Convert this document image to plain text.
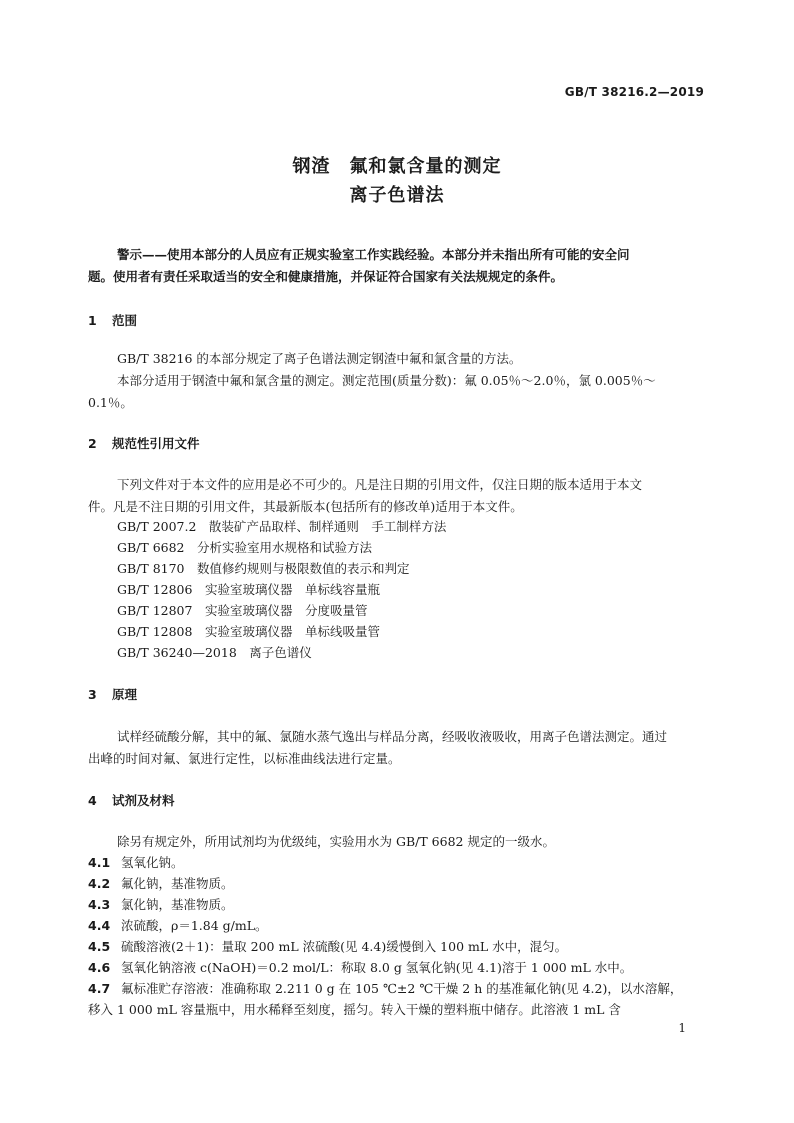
GB/T 38216.2—2019
钢渣　氟和氯含量的测定
离子色谱法
警示——使用本部分的人员应有正规实验室工作实践经验。本部分并未指出所有可能的安全问
题。使用者有责任采取适当的安全和健康措施，并保证符合国家有关法规规定的条件。
1 范围
GB/T 38216 的本部分规定了离子色谱法测定钢渣中氟和氯含量的方法。
本部分适用于钢渣中氟和氯含量的测定。测定范围(质量分数)：氟 0.05％～2.0％，氯 0.005％～
0.1％。
2 规范性引用文件
下列文件对于本文件的应用是必不可少的。凡是注日期的引用文件，仅注日期的版本适用于本文
件。凡是不注日期的引用文件，其最新版本(包括所有的修改单)适用于本文件。
GB/T 2007.2　散装矿产品取样、制样通则　手工制样方法
GB/T 6682　分析实验室用水规格和试验方法
GB/T 8170　数值修约规则与极限数值的表示和判定
GB/T 12806　实验室玻璃仪器　单标线容量瓶
GB/T 12807　实验室玻璃仪器　分度吸量管
GB/T 12808　实验室玻璃仪器　单标线吸量管
GB/T 36240—2018　离子色谱仪
3 原理
试样经硫酸分解，其中的氟、氯随水蒸气逸出与样品分离，经吸收液吸收，用离子色谱法测定。通过
出峰的时间对氟、氯进行定性，以标准曲线法进行定量。
4 试剂及材料
除另有规定外，所用试剂均为优级纯，实验用水为 GB/T 6682 规定的一级水。
4.1 氢氧化钠。
4.2 氟化钠，基准物质。
4.3 氯化钠，基准物质。
4.4 浓硫酸，ρ＝1.84 g/mL。
4.5 硫酸溶液(2＋1)：量取 200 mL 浓硫酸(见 4.4)缓慢倒入 100 mL 水中，混匀。
4.6 氢氧化钠溶液 c(NaOH)＝0.2 mol/L：称取 8.0 g 氢氧化钠(见 4.1)溶于 1 000 mL 水中。
4.7 氟标准贮存溶液：准确称取 2.211 0 g 在 105 ℃±2 ℃干燥 2 h 的基准氟化钠(见 4.2)，以水溶解，
移入 1 000 mL 容量瓶中，用水稀释至刻度，摇匀。转入干燥的塑料瓶中储存。此溶液 1 mL 含
1
